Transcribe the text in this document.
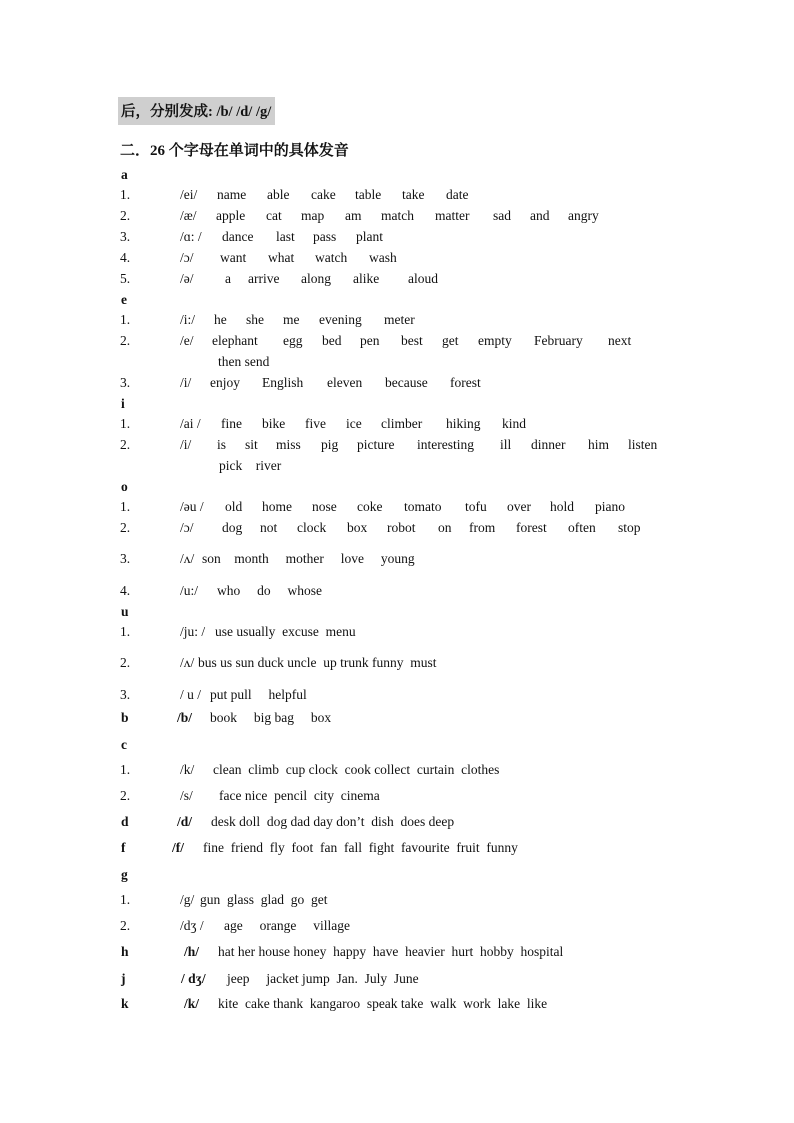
后，分别发成: /b/ /d/ /g/
二．26 个字母在单词中的具体发音
a
1.	/ei/ name able cake table take date
2.	/æ/ apple cat map am match matter sad and angry
3.	/ɑ: / dance last pass plant
4.	/ɔ/ want what watch wash
5.	/ə/ a arrive along alike aloud
e
1.	/i:/ he she me evening meter
2.	/e/ elephant egg bed pen best get empty February next
then send
3.	/i/ enjoy English eleven because forest
i
1.	/ai / fine bike five ice climber hiking kind
2.	/i/ is sit miss pig picture interesting ill dinner him listen
pick    river
o
1.	/əu / old home nose coke tomato tofu over hold piano
2.	/ɔ/ dog not clock box robot on from forest often stop
3.	/ʌ/ son    month     mother     love     young
4.	/u:/ who     do     whose
u
1.	/ju: / use usually  excuse  menu
2.	/ʌ/ bus us sun duck uncle  up trunk funny  must
3.	/ u / put pull     helpful
b	/b/ book     big bag     box
c
1.	/k/ clean  climb  cup clock  cook collect  curtain  clothes
2.	/s/ face nice  pencil  city  cinema
d	/d/ desk doll  dog dad day don’t  dish  does deep
f	/f/ fine  friend  fly  foot  fan  fall  fight  favourite  fruit  funny
g
1.	/g/ gun  glass  glad  go  get
2.	/dʒ / age     orange     village
h	/h/ hat her house honey  happy  have  heavier  hurt  hobby  hospital
j	/ dʒ/ jeep     jacket jump  Jan.  July  June
k	/k/ kite  cake thank  kangaroo  speak take  walk  work  lake  like
